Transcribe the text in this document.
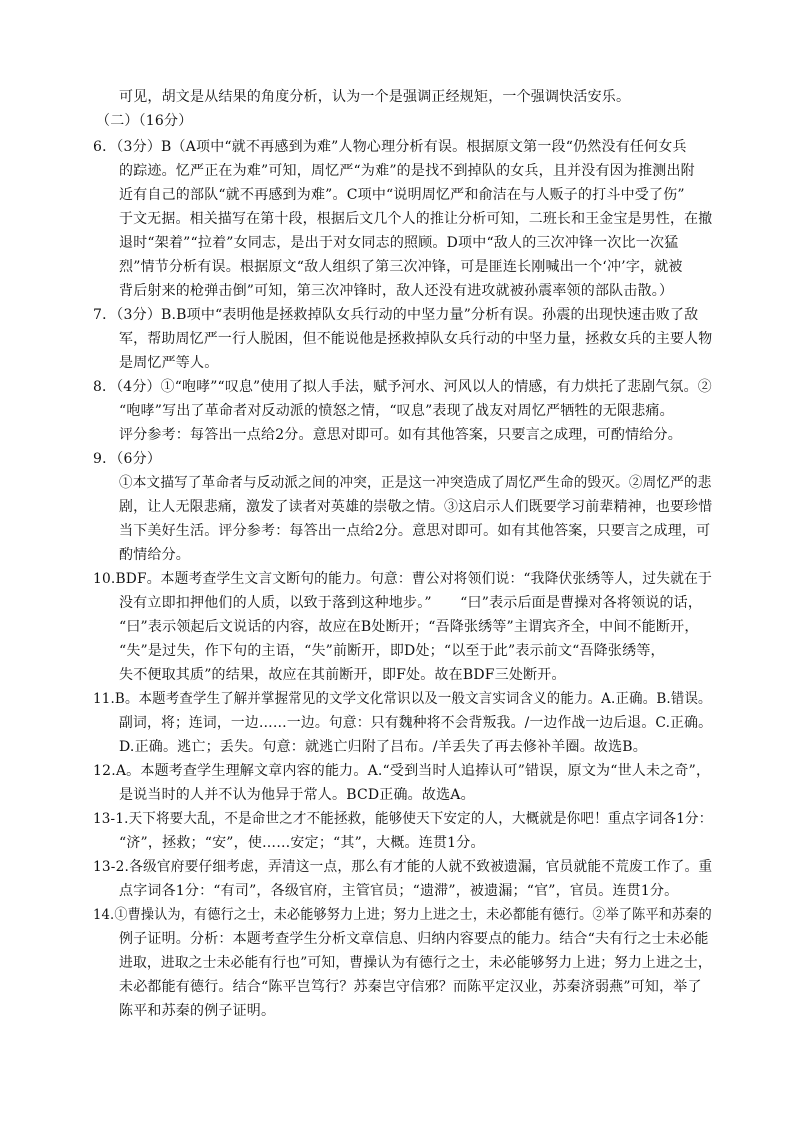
可见，胡文是从结果的角度分析，认为一个是强调正经规矩，一个强调快活安乐。
（二）（16分）
6．（3分）B（A项中“就不再感到为难”人物心理分析有误。根据原文第一段“仍然没有任何女兵
的踪迹。忆严正在为难”可知，周忆严“为难”的是找不到掉队的女兵，且并没有因为推测出附
近有自己的部队“就不再感到为难”。C项中“说明周忆严和俞洁在与人贩子的打斗中受了伤”
于文无据。相关描写在第十段，根据后文几个人的推让分析可知，二班长和王金宝是男性，在撤
退时“架着”“拉着”女同志，是出于对女同志的照顾。D项中“敌人的三次冲锋一次比一次猛
烈”情节分析有误。根据原文“敌人组织了第三次冲锋，可是匪连长刚喊出一个‘冲’字，就被
背后射来的枪弹击倒”可知，第三次冲锋时，敌人还没有进攻就被孙震率领的部队击散。）
7．（3分）B.B项中“表明他是拯救掉队女兵行动的中坚力量”分析有误。孙震的出现快速击败了敌
军，帮助周忆严一行人脱困，但不能说他是拯救掉队女兵行动的中坚力量，拯救女兵的主要人物
是周忆严等人。
8．（4分）①“咆哮”“叹息”使用了拟人手法，赋予河水、河风以人的情感，有力烘托了悲剧气氛。②
“咆哮”写出了革命者对反动派的愤怒之情，“叹息”表现了战友对周忆严牺牲的无限悲痛。
评分参考：每答出一点给2分。意思对即可。如有其他答案，只要言之成理，可酌情给分。
9．（6分）
①本文描写了革命者与反动派之间的冲突，正是这一冲突造成了周忆严生命的毁灭。②周忆严的悲
剧，让人无限悲痛，激发了读者对英雄的崇敬之情。③这启示人们既要学习前辈精神，也要珍惜
当下美好生活。评分参考：每答出一点给2分。意思对即可。如有其他答案，只要言之成理，可
酌情给分。
10.BDF。本题考查学生文言文断句的能力。句意：曹公对将领们说：“我降伏张绣等人，过失就在于
没有立即扣押他们的人质，以致于落到这种地步。”　　“曰”表示后面是曹操对各将领说的话，
“曰”表示领起后文说话的内容，故应在B处断开；“吾降张绣等”主谓宾齐全，中间不能断开，
“失”是过失，作下句的主语，“失”前断开，即D处；“以至于此”表示前文“吾降张绣等，
失不便取其质”的结果，故应在其前断开，即F处。故在BDF三处断开。
11.B。本题考查学生了解并掌握常见的文学文化常识以及一般文言实词含义的能力。A.正确。B.错误。
副词，将；连词，一边……一边。句意：只有魏种将不会背叛我。/一边作战一边后退。C.正确。
D.正确。逃亡；丢失。句意：就逃亡归附了吕布。/羊丢失了再去修补羊圈。故选B。
12.A。本题考查学生理解文章内容的能力。A.“受到当时人追捧认可”错误，原文为“世人未之奇”，
是说当时的人并不认为他异于常人。BCD正确。故选A。
13-1.天下将要大乱，不是命世之才不能拯救，能够使天下安定的人，大概就是你吧！重点字词各1分：
“济”，拯救；“安”，使……安定；“其”，大概。连贯1分。
13-2.各级官府要仔细考虑，弄清这一点，那么有才能的人就不致被遗漏，官员就能不荒废工作了。重
点字词各1分：“有司”，各级官府，主管官员；“遗滞”，被遗漏；“官”，官员。连贯1分。
14.①曹操认为，有德行之士，未必能够努力上进；努力上进之士，未必都能有德行。②举了陈平和苏秦的
例子证明。分析：本题考查学生分析文章信息、归纳内容要点的能力。结合“夫有行之士未必能
进取，进取之士未必能有行也”可知，曹操认为有德行之士，未必能够努力上进；努力上进之士，
未必都能有德行。结合“陈平岂笃行？苏秦岂守信邪？而陈平定汉业，苏秦济弱燕”可知，举了
陈平和苏秦的例子证明。
